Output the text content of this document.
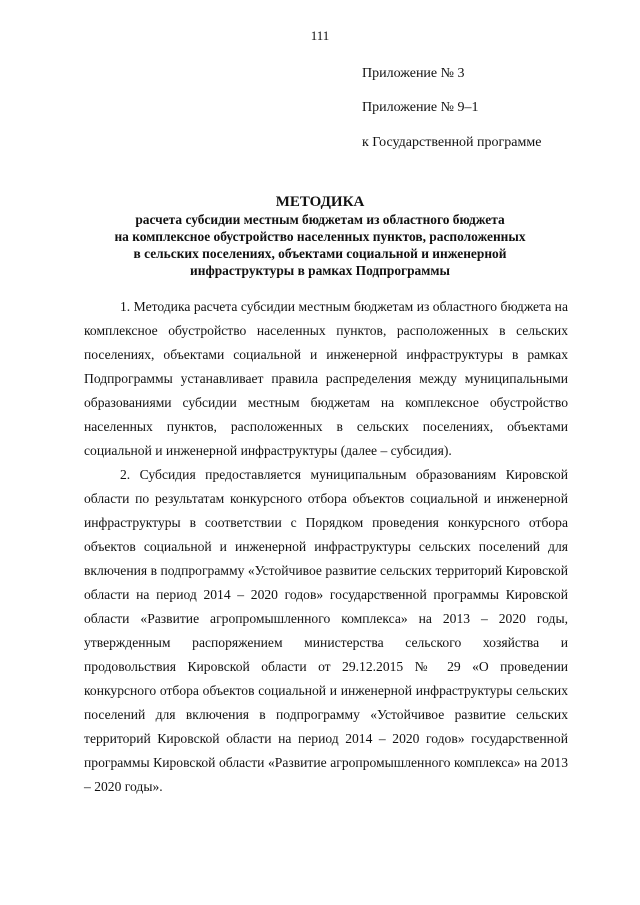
111
Приложение № 3
Приложение № 9–1
к Государственной программе
МЕТОДИКА
расчета субсидии местным бюджетам из областного бюджета
на комплексное обустройство населенных пунктов, расположенных
в сельских поселениях, объектами социальной и инженерной
инфраструктуры в рамках Подпрограммы

1. Методика расчета субсидии местным бюджетам из областного бюджета на комплексное обустройство населенных пунктов, расположенных в сельских поселениях, объектами социальной и инженерной инфраструктуры в рамках Подпрограммы устанавливает правила распределения между муниципальными образованиями субсидии местным бюджетам на комплексное обустройство населенных пунктов, расположенных в сельских поселениях, объектами социальной и инженерной инфраструктуры (далее – субсидия).

2. Субсидия предоставляется муниципальным образованиям Кировской области по результатам конкурсного отбора объектов социальной и инженерной инфраструктуры в соответствии с Порядком проведения конкурсного отбора объектов социальной и инженерной инфраструктуры сельских поселений для включения в подпрограмму «Устойчивое развитие сельских территорий Кировской области на период 2014 – 2020 годов» государственной программы Кировской области «Развитие агропромышленного комплекса» на 2013 – 2020 годы, утвержденным распоряжением министерства сельского хозяйства и продовольствия Кировской области от 29.12.2015 № 29 «О проведении конкурсного отбора объектов социальной и инженерной инфраструктуры сельских поселений для включения в подпрограмму «Устойчивое развитие сельских территорий Кировской области на период 2014 – 2020 годов» государственной программы Кировской области «Развитие агропромышленного комплекса» на 2013 – 2020 годы».
